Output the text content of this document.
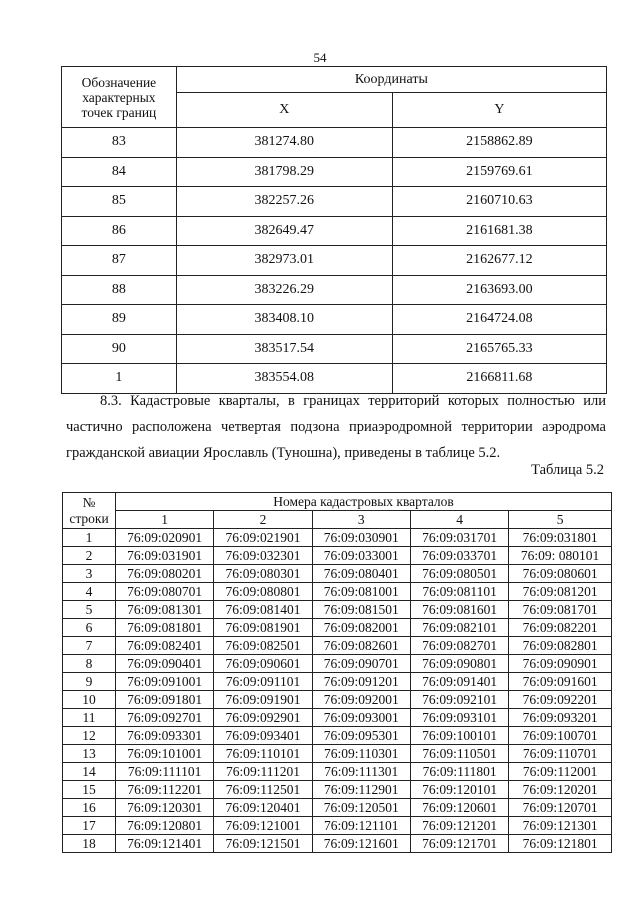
54
Обозначение
характерных
точек границ	Координаты	
	X	Y
83	381274.80	2158862.89
84	381798.29	2159769.61
85	382257.26	2160710.63
86	382649.47	2161681.38
87	382973.01	2162677.12
88	383226.29	2163693.00
89	383408.10	2164724.08
90	383517.54	2165765.33
1	383554.08	2166811.68
8.3. Кадастровые кварталы, в границах территорий которых полностью или частично расположена четвертая подзона приаэродромной территории аэродрома гражданской авиации Ярославль (Туношна), приведены в таблице 5.2.
Таблица 5.2
№
строки	Номера кадастровых кварталов				
	1	2	3	4	5
1	76:09:020901	76:09:021901	76:09:030901	76:09:031701	76:09:031801
2	76:09:031901	76:09:032301	76:09:033001	76:09:033701	76:09: 080101
3	76:09:080201	76:09:080301	76:09:080401	76:09:080501	76:09:080601
4	76:09:080701	76:09:080801	76:09:081001	76:09:081101	76:09:081201
5	76:09:081301	76:09:081401	76:09:081501	76:09:081601	76:09:081701
6	76:09:081801	76:09:081901	76:09:082001	76:09:082101	76:09:082201
7	76:09:082401	76:09:082501	76:09:082601	76:09:082701	76:09:082801
8	76:09:090401	76:09:090601	76:09:090701	76:09:090801	76:09:090901
9	76:09:091001	76:09:091101	76:09:091201	76:09:091401	76:09:091601
10	76:09:091801	76:09:091901	76:09:092001	76:09:092101	76:09:092201
11	76:09:092701	76:09:092901	76:09:093001	76:09:093101	76:09:093201
12	76:09:093301	76:09:093401	76:09:095301	76:09:100101	76:09:100701
13	76:09:101001	76:09:110101	76:09:110301	76:09:110501	76:09:110701
14	76:09:111101	76:09:111201	76:09:111301	76:09:111801	76:09:112001
15	76:09:112201	76:09:112501	76:09:112901	76:09:120101	76:09:120201
16	76:09:120301	76:09:120401	76:09:120501	76:09:120601	76:09:120701
17	76:09:120801	76:09:121001	76:09:121101	76:09:121201	76:09:121301
18	76:09:121401	76:09:121501	76:09:121601	76:09:121701	76:09:121801
